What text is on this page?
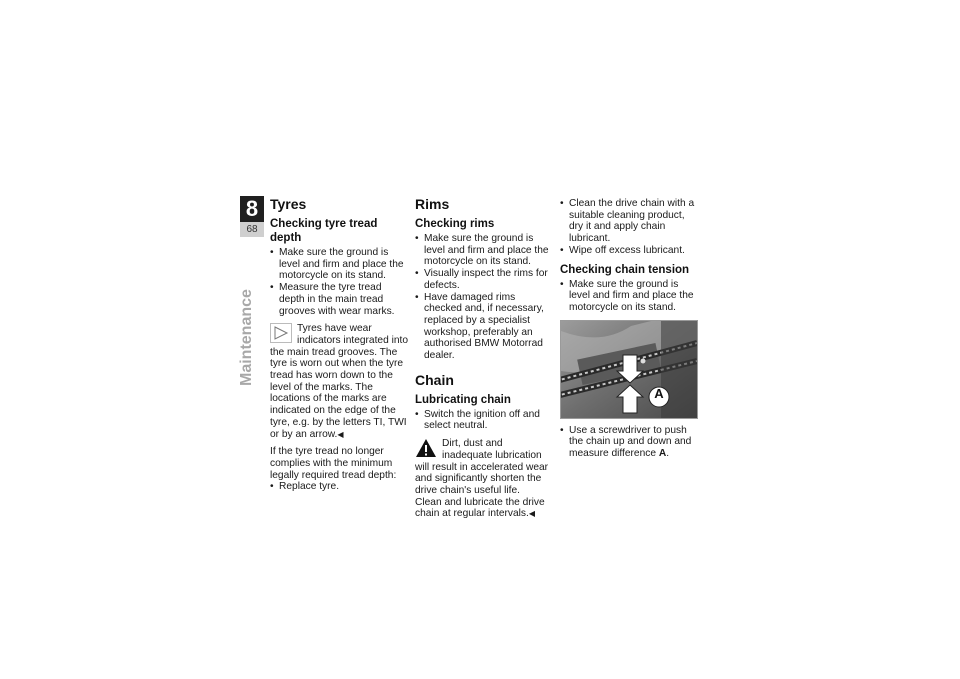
8
68
Maintenance
Tyres
Checking tyre tread depth
• Make sure the ground is level and firm and place the motorcycle on its stand.
• Measure the tyre tread depth in the main tread grooves with wear marks.
Tyres have wear indicators integrated into the main tread grooves. The tyre is worn out when the tyre tread has worn down to the level of the marks. The locations of the marks are indicated on the edge of the tyre, e.g. by the letters TI, TWI or by an arrow.◀

If the tyre tread no longer complies with the minimum legally required tread depth:

• Replace tyre.
Rims
Checking rims
• Make sure the ground is level and firm and place the motorcycle on its stand.
• Visually inspect the rims for defects.
• Have damaged rims checked and, if necessary, replaced by a specialist workshop, preferably an authorised BMW Motorrad dealer.
Chain
Lubricating chain
• Switch the ignition off and select neutral.
Dirt, dust and inadequate lubrication will result in accelerated wear and significantly shorten the drive chain's useful life.

Clean and lubricate the drive chain at regular intervals.◀

• Clean the drive chain with a suitable cleaning product, dry it and apply chain lubricant.
• Wipe off excess lubricant.
Checking chain tension
• Make sure the ground is level and firm and place the motorcycle on its stand.
A
• Use a screwdriver to push the chain up and down and measure difference A.
